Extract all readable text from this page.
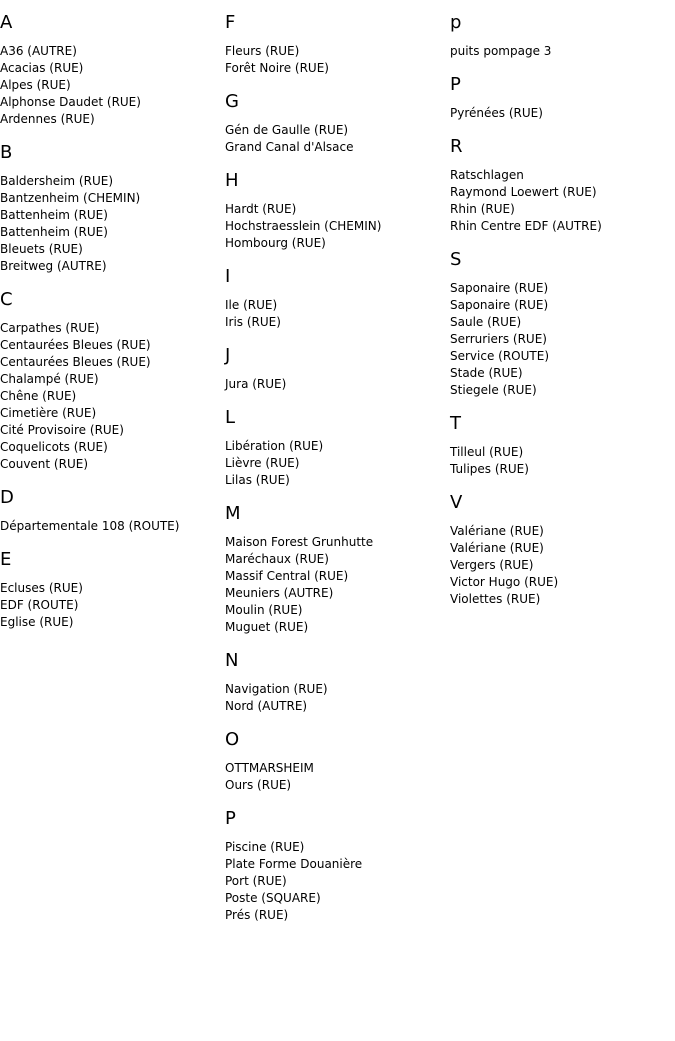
A
A36 (AUTRE)
Acacias (RUE)
Alpes (RUE)
Alphonse Daudet (RUE)
Ardennes (RUE)
B
Baldersheim (RUE)
Bantzenheim (CHEMIN)
Battenheim (RUE)
Battenheim (RUE)
Bleuets (RUE)
Breitweg (AUTRE)
C
Carpathes (RUE)
Centaurées Bleues (RUE)
Centaurées Bleues (RUE)
Chalampé (RUE)
Chêne (RUE)
Cimetière (RUE)
Cité Provisoire (RUE)
Coquelicots (RUE)
Couvent (RUE)
D
Départementale 108 (ROUTE)
E
Ecluses (RUE)
EDF (ROUTE)
Eglise (RUE)
F
Fleurs (RUE)
Forêt Noire (RUE)
G
Gén de Gaulle (RUE)
Grand Canal d'Alsace
H
Hardt (RUE)
Hochstraesslein (CHEMIN)
Hombourg (RUE)
I
Ile (RUE)
Iris (RUE)
J
Jura (RUE)
L
Libération (RUE)
Lièvre (RUE)
Lilas (RUE)
M
Maison Forest Grunhutte
Maréchaux (RUE)
Massif Central (RUE)
Meuniers (AUTRE)
Moulin (RUE)
Muguet (RUE)
N
Navigation (RUE)
Nord (AUTRE)
O
OTTMARSHEIM
Ours (RUE)
P
Piscine (RUE)
Plate Forme Douanière
Port (RUE)
Poste (SQUARE)
Prés (RUE)
p
puits pompage 3
P
Pyrénées (RUE)
R
Ratschlagen
Raymond Loewert (RUE)
Rhin (RUE)
Rhin Centre EDF (AUTRE)
S
Saponaire (RUE)
Saponaire (RUE)
Saule (RUE)
Serruriers (RUE)
Service (ROUTE)
Stade (RUE)
Stiegele (RUE)
T
Tilleul (RUE)
Tulipes (RUE)
V
Valériane (RUE)
Valériane (RUE)
Vergers (RUE)
Victor Hugo (RUE)
Violettes (RUE)
